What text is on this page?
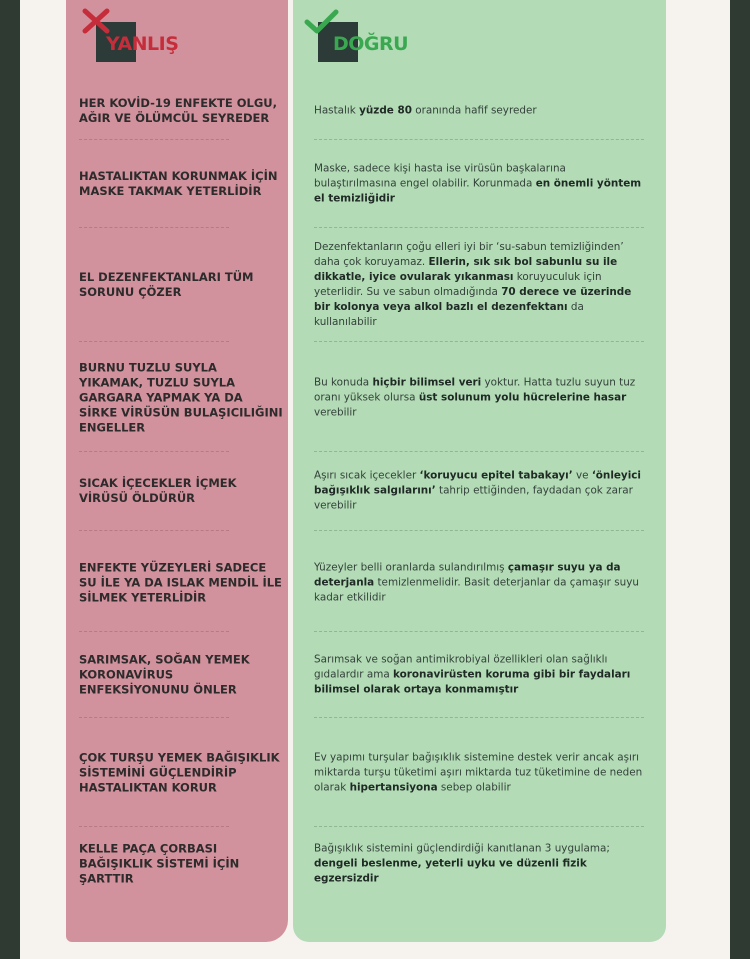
YANLIŞ	DOĞRU
HER KOVİD-19 ENFEKTE OLGU, AĞIR VE ÖLÜMCÜL SEYREDER
Hastalık yüzde 80 oranında hafif seyreder
HASTALIKTAN KORUNMAK İÇİN MASKE TAKMAK YETERLİDİR
Maske, sadece kişi hasta ise virüsün başkalarına bulaştırılmasına engel olabilir. Korunmada en önemli yöntem el temizliğidir
EL DEZENFEKTANLARI TÜM SORUNU ÇÖZER
Dezenfektanların çoğu elleri iyi bir ‘su-sabun temizliğinden’ daha çok koruyamaz. Ellerin, sık sık bol sabunlu su ile dikkatle, iyice ovularak yıkanması koruyuculuk için yeterlidir. Su ve sabun olmadığında 70 derece ve üzerinde bir kolonya veya alkol bazlı el dezenfektanı da kullanılabilir
BURNU TUZLU SUYLA YIKAMAK, TUZLU SUYLA GARGARA YAPMAK YA DA SİRKE VİRÜSÜN BULAŞICILIĞINI ENGELLER
Bu konuda hiçbir bilimsel veri yoktur. Hatta tuzlu suyun tuz oranı yüksek olursa üst solunum yolu hücrelerine hasar verebilir
SICAK İÇECEKLER İÇMEK VİRÜSÜ ÖLDÜRÜR
Aşırı sıcak içecekler ‘koruyucu epitel tabakayı’ ve ‘önleyici bağışıklık salgılarını’ tahrip ettiğinden, faydadan çok zarar verebilir
ENFEKTE YÜZEYLERİ SADECE SU İLE YA DA ISLAK MENDİL İLE SİLMEK YETERLİDİR
Yüzeyler belli oranlarda sulandırılmış çamaşır suyu ya da deterjanla temizlenmelidir. Basit deterjanlar da çamaşır suyu kadar etkilidir
SARIMSAK, SOĞAN YEMEK KORONAVİRUS ENFEKSİYONUNU ÖNLER
Sarımsak ve soğan antimikrobiyal özellikleri olan sağlıklı gıdalardır ama koronavirüsten koruma gibi bir faydaları bilimsel olarak ortaya konmamıştır
ÇOK TURŞU YEMEK BAĞIŞIKLIK SİSTEMİNİ GÜÇLENDİRİP HASTALIKTAN KORUR
Ev yapımı turşular bağışıklık sistemine destek verir ancak aşırı miktarda turşu tüketimi aşırı miktarda tuz tüketimine de neden olarak hipertansiyona sebep olabilir
KELLE PAÇA ÇORBASI BAĞIŞIKLIK SİSTEMİ İÇİN ŞARTTIR
Bağışıklık sistemini güçlendirdiği kanıtlanan 3 uygulama; dengeli beslenme, yeterli uyku ve düzenli fizik egzersizdir
